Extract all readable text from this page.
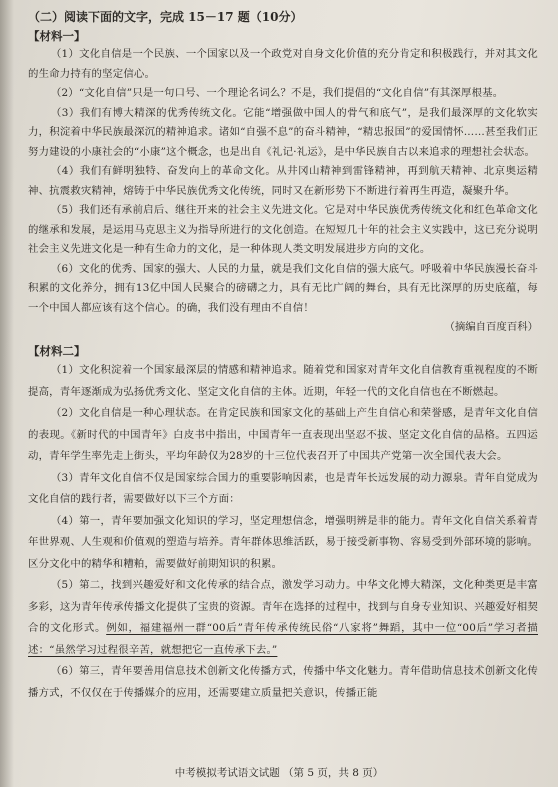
（二）阅读下面的文字，完成 15－17 题（10分）
【材料一】

（1）文化自信是一个民族、一个国家以及一个政党对自身文化价值的充分肯定和积极践行，并对其文化的生命力持有的坚定信心。

（2）“文化自信”只是一句口号、一个理论名词么？不是，我们提倡的“文化自信”有其深厚根基。

（3）我们有博大精深的优秀传统文化。它能“增强做中国人的骨气和底气”，是我们最深厚的文化软实力，积淀着中华民族最深沉的精神追求。诸如“自强不息”的奋斗精神，“精忠报国”的爱国情怀……甚至我们正努力建设的小康社会的“小康”这个概念，也是出自《礼记·礼运》，是中华民族自古以来追求的理想社会状态。

（4）我们有鲜明独特、奋发向上的革命文化。从井冈山精神到雷锋精神，再到航天精神、北京奥运精神、抗震救灾精神，熔铸于中华民族优秀文化传统，同时又在新形势下不断进行着再生再造，凝聚升华。

（5）我们还有承前启后、继往开来的社会主义先进文化。它是对中华民族优秀传统文化和红色革命文化的继承和发展，是运用马克思主义为指导所进行的文化创造。在短短几十年的社会主义实践中，这已充分说明社会主义先进文化是一种有生命力的文化，是一种体现人类文明发展进步方向的文化。

（6）文化的优秀、国家的强大、人民的力量，就是我们文化自信的强大底气。呼吸着中华民族漫长奋斗积累的文化养分，拥有13亿中国人民聚合的磅礴之力，具有无比广阔的舞台，具有无比深厚的历史底蕴，每一个中国人都应该有这个信心。的确，我们没有理由不自信！

（摘编自百度百科）

【材料二】

（1）文化积淀着一个国家最深层的情感和精神追求。随着党和国家对青年文化自信教育重视程度的不断提高，青年逐渐成为弘扬优秀文化、坚定文化自信的主体。近期，年轻一代的文化自信也在不断燃起。

（2）文化自信是一种心理状态。在肯定民族和国家文化的基础上产生自信心和荣誉感，是青年文化自信的表现。《新时代的中国青年》白皮书中指出，中国青年一直表现出坚忍不拔、坚定文化自信的品格。五四运动，青年学生率先走上街头，平均年龄仅为28岁的十三位代表召开了中国共产党第一次全国代表大会。

（3）青年文化自信不仅是国家综合国力的重要影响因素，也是青年长远发展的动力源泉。青年自觉成为文化自信的践行者，需要做好以下三个方面：

（4）第一，青年要加强文化知识的学习，坚定理想信念，增强明辨是非的能力。青年文化自信关系着青年世界观、人生观和价值观的塑造与培养。青年群体思维活跃，易于接受新事物、容易受到外部环境的影响。区分文化中的精华和糟粕，需要做好前期知识的积累。

（5）第二，找到兴趣爱好和文化传承的结合点，激发学习动力。中华文化博大精深，文化种类更是丰富多彩，这为青年传承传播文化提供了宝贵的资源。青年在选择的过程中，找到与自身专业知识、兴趣爱好相契合的文化形式。例如，福建福州一群“00后”青年传承传统民俗“八家将”舞蹈，其中一位“00后”学习者描述：“虽然学习过程很辛苦，就想把它一直传承下去。”

（6）第三，青年要善用信息技术创新文化传播方式，传播中华文化魅力。青年借助信息技术创新文化传播方式，不仅仅在于传播媒介的应用，还需要建立质量把关意识，传播正能

中考模拟考试语文试题 （第 5 页，共 8 页）
